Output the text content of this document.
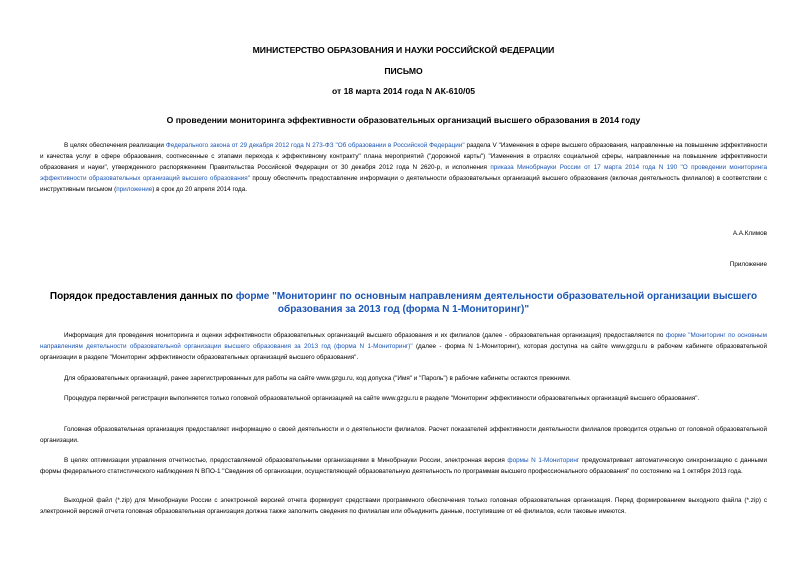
МИНИСТЕРСТВО ОБРАЗОВАНИЯ И НАУКИ РОССИЙСКОЙ ФЕДЕРАЦИИ
ПИСЬМО
от 18 марта 2014 года N АК-610/05
О проведении мониторинга эффективности образовательных организаций высшего образования в 2014 году
В целях обеспечения реализации Федерального закона от 29 декабря 2012 года N 273-ФЗ "Об образовании в Российской Федерации" раздела V "Изменения в сфере высшего образования, направленные на повышение эффективности и качества услуг в сфере образования, соотнесенные с этапами перехода к эффективному контракту" плана мероприятий ("дорожной карты") "Изменения в отраслях социальной сферы, направленные на повышение эффективности образования и науки", утвержденного распоряжением Правительства Российской Федерации от 30 декабря 2012 года N 2620-р, и исполнения приказа Минобрнауки России от 17 марта 2014 года N 190 "О проведении мониторинга эффективности образовательных организаций высшего образования" прошу обеспечить предоставление информации о деятельности образовательных организаций высшего образования (включая деятельность филиалов) в соответствии с инструктивным письмом (приложение) в срок до 20 апреля 2014 года.
А.А.Климов
Приложение
Порядок предоставления данных по форме "Мониторинг по основным направлениям деятельности образовательной организации высшего образования за 2013 год (форма N 1-Мониторинг)"
Информация для проведения мониторинга и оценки эффективности образовательных организаций высшего образования и их филиалов (далее - образовательная организация) предоставляется по форме "Мониторинг по основным направлениям деятельности образовательной организации высшего образования за 2013 год (форма N 1-Мониторинг)" (далее - форма N 1-Мониторинг), которая доступна на сайте www.gzgu.ru в рабочем кабинете образовательной организации в разделе "Мониторинг эффективности образовательных организаций высшего образования".
Для образовательных организаций, ранее зарегистрированных для работы на сайте www.gzgu.ru, код допуска ("Имя" и "Пароль") в рабочие кабинеты остаются прежними.
Процедура первичной регистрации выполняется только головной образовательной организацией на сайте www.gzgu.ru в разделе "Мониторинг эффективности образовательных организаций высшего образования".
Головная образовательная организация предоставляет информацию о своей деятельности и о деятельности филиалов. Расчет показателей эффективности деятельности филиалов проводится отдельно от головной образовательной организации.
В целях оптимизации управления отчетностью, предоставляемой образовательными организациями в Минобрнауки России, электронная версия формы N 1-Мониторинг предусматривает автоматическую синхронизацию с данными формы федерального статистического наблюдения N ВПО-1 "Сведения об организации, осуществляющей образовательную деятельность по программам высшего профессионального образования" по состоянию на 1 октября 2013 года.
Выходной файл (*.zip) для Минобрнауки России с электронной версией отчета формирует средствами программного обеспечения только головная образовательная организация. Перед формированием выходного файла (*.zip) с электронной версией отчета головная образовательная организация должна также заполнить сведения по филиалам или объединить данные, поступившие от её филиалов, если таковые имеются.
